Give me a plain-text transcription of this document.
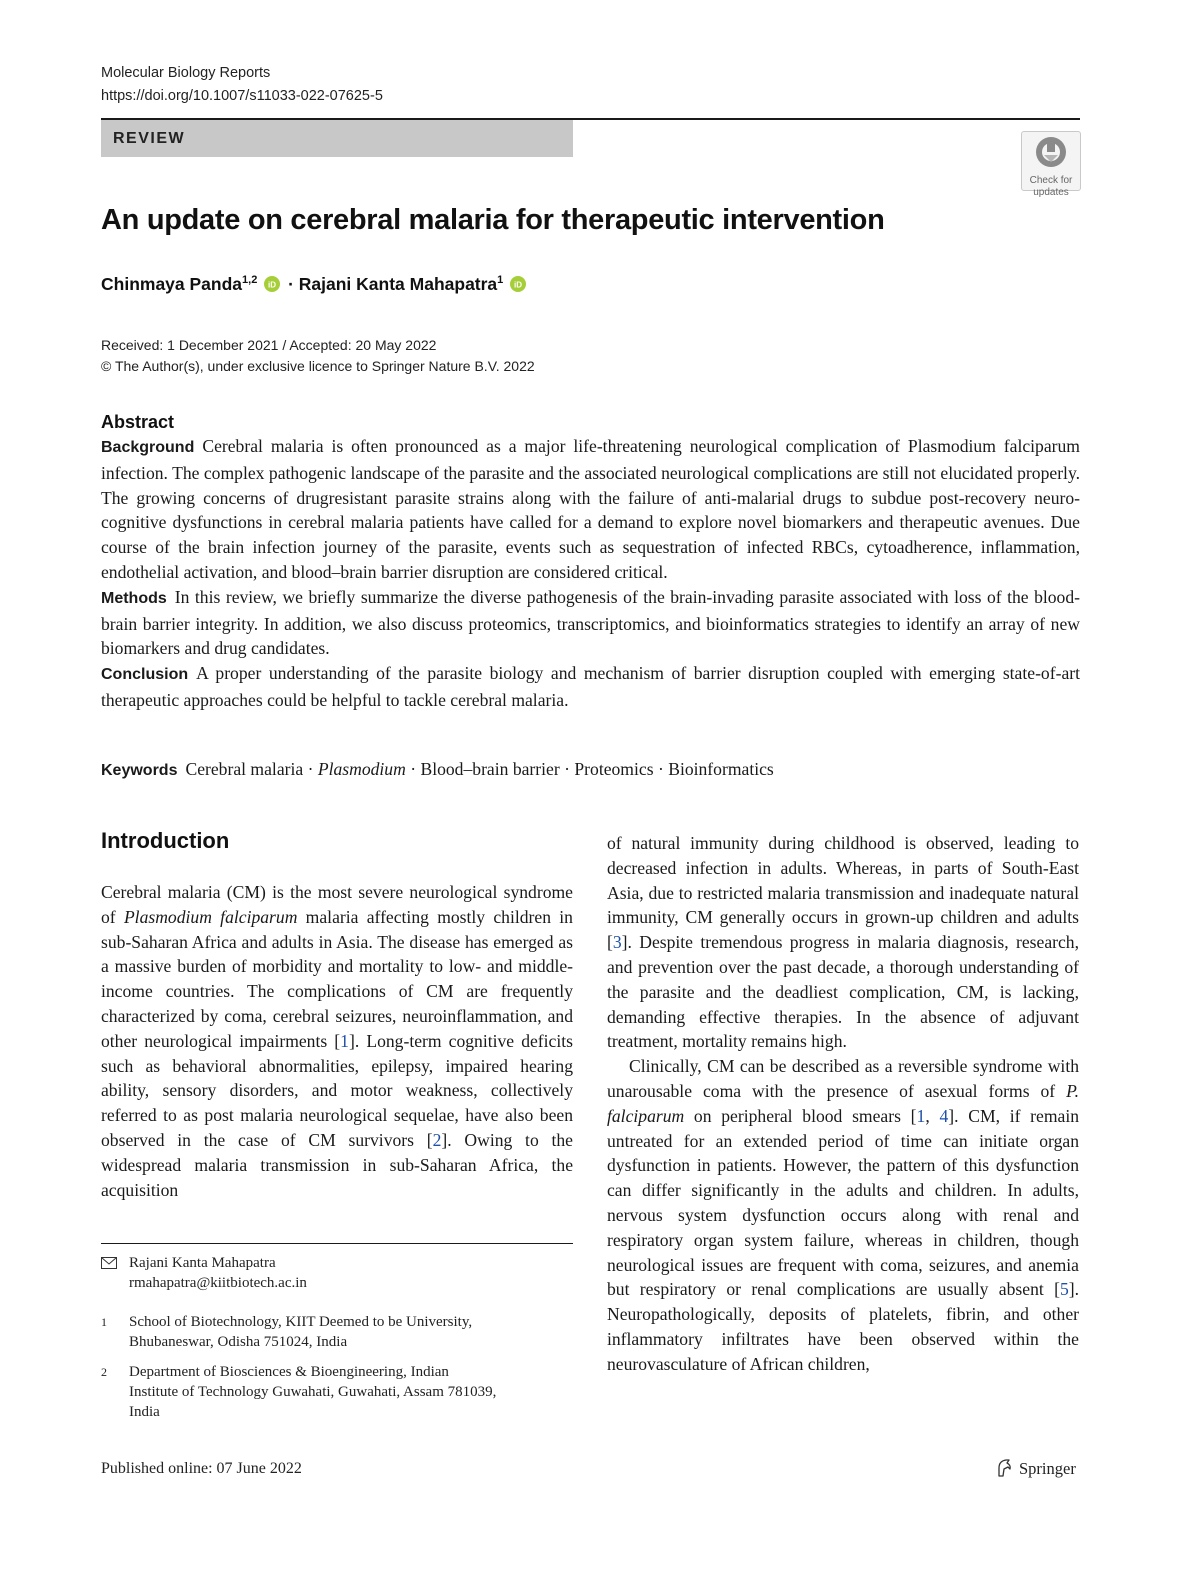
Molecular Biology Reports
https://doi.org/10.1007/s11033-022-07625-5
REVIEW
Check for
updates
An update on cerebral malaria for therapeutic intervention
Chinmaya Panda$^{1,2}$ iD · Rajani Kanta Mahapatra$^1$ iD
Received: 1 December 2021 / Accepted: 20 May 2022
© The Author(s), under exclusive licence to Springer Nature B.V. 2022
Abstract

Background Cerebral malaria is often pronounced as a major life-threatening neurological complication of Plasmodium falciparum infection. The complex pathogenic landscape of the parasite and the associated neurological complications are still not elucidated properly. The growing concerns of drugresistant parasite strains along with the failure of anti-malarial drugs to subdue post-recovery neuro-cognitive dysfunctions in cerebral malaria patients have called for a demand to explore novel biomarkers and therapeutic avenues. Due course of the brain infection journey of the parasite, events such as sequestration of infected RBCs, cytoadherence, inflammation, endothelial activation, and blood–brain barrier disruption are considered critical.

Methods In this review, we briefly summarize the diverse pathogenesis of the brain-invading parasite associated with loss of the blood-brain barrier integrity. In addition, we also discuss proteomics, transcriptomics, and bioinformatics strategies to identify an array of new biomarkers and drug candidates.

Conclusion A proper understanding of the parasite biology and mechanism of barrier disruption coupled with emerging state-of-art therapeutic approaches could be helpful to tackle cerebral malaria.

Keywords Cerebral malaria · Plasmodium · Blood–brain barrier · Proteomics · Bioinformatics
Introduction

Cerebral malaria (CM) is the most severe neurological syndrome of Plasmodium falciparum malaria affecting mostly children in sub-Saharan Africa and adults in Asia. The disease has emerged as a massive burden of morbidity and mortality to low- and middle-income countries. The complications of CM are frequently characterized by coma, cerebral seizures, neuroinflammation, and other neurological impairments [1]. Long-term cognitive deficits such as behavioral abnormalities, epilepsy, impaired hearing ability, sensory disorders, and motor weakness, collectively referred to as post malaria neurological sequelae, have also been observed in the case of CM survivors [2]. Owing to the widespread malaria transmission in sub-Saharan Africa, the acquisition

of natural immunity during childhood is observed, leading to decreased infection in adults. Whereas, in parts of South-East Asia, due to restricted malaria transmission and inadequate natural immunity, CM generally occurs in grown-up children and adults [3]. Despite tremendous progress in malaria diagnosis, research, and prevention over the past decade, a thorough understanding of the parasite and the deadliest complication, CM, is lacking, demanding effective therapies. In the absence of adjuvant treatment, mortality remains high.

Clinically, CM can be described as a reversible syndrome with unarousable coma with the presence of asexual forms of P. falciparum on peripheral blood smears [1, 4]. CM, if remain untreated for an extended period of time can initiate organ dysfunction in patients. However, the pattern of this dysfunction can differ significantly in the adults and children. In adults, nervous system dysfunction occurs along with renal and respiratory organ system failure, whereas in children, though neurological issues are frequent with coma, seizures, and anemia but respiratory or renal complications are usually absent [5]. Neuropathologically, deposits of platelets, fibrin, and other inflammatory infiltrates have been observed within the neurovasculature of African children,

Rajani Kanta Mahapatra
rmahapatra@kiitbiotech.ac.in
1 School of Biotechnology, KIIT Deemed to be University,
Bhubaneswar, Odisha 751024, India
2 Department of Biosciences & Bioengineering, Indian
Institute of Technology Guwahati, Guwahati, Assam 781039,
India
Published online: 07 June 2022	Springer
